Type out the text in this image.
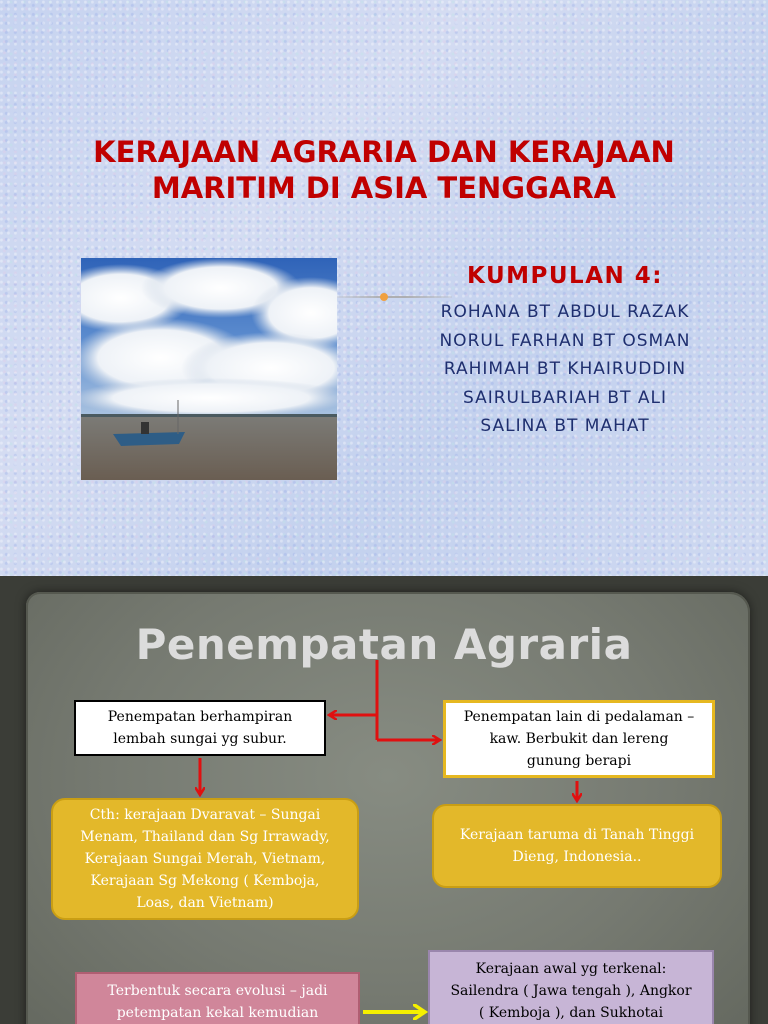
KERAJAAN AGRARIA DAN KERAJAAN
MARITIM DI ASIA TENGGARA
KUMPULAN 4:
ROHANA BT ABDUL RAZAK
NORUL FARHAN BT OSMAN
RAHIMAH BT KHAIRUDDIN
SAIRULBARIAH BT ALI
SALINA BT MAHAT
Penempatan Agraria
Penempatan berhampiran
lembah sungai yg subur.
Penempatan lain di pedalaman –
kaw. Berbukit dan lereng
gunung berapi
Cth: kerajaan Dvaravat – Sungai
Menam, Thailand dan Sg Irrawady,
Kerajaan Sungai Merah, Vietnam,
Kerajaan Sg Mekong ( Kemboja,
Loas, dan Vietnam)
Kerajaan taruma di Tanah Tinggi
Dieng, Indonesia..
Terbentuk secara evolusi – jadi
petempatan kekal kemudian
Kerajaan awal yg terkenal:
Sailendra ( Jawa tengah ), Angkor
( Kemboja ), dan Sukhotai
